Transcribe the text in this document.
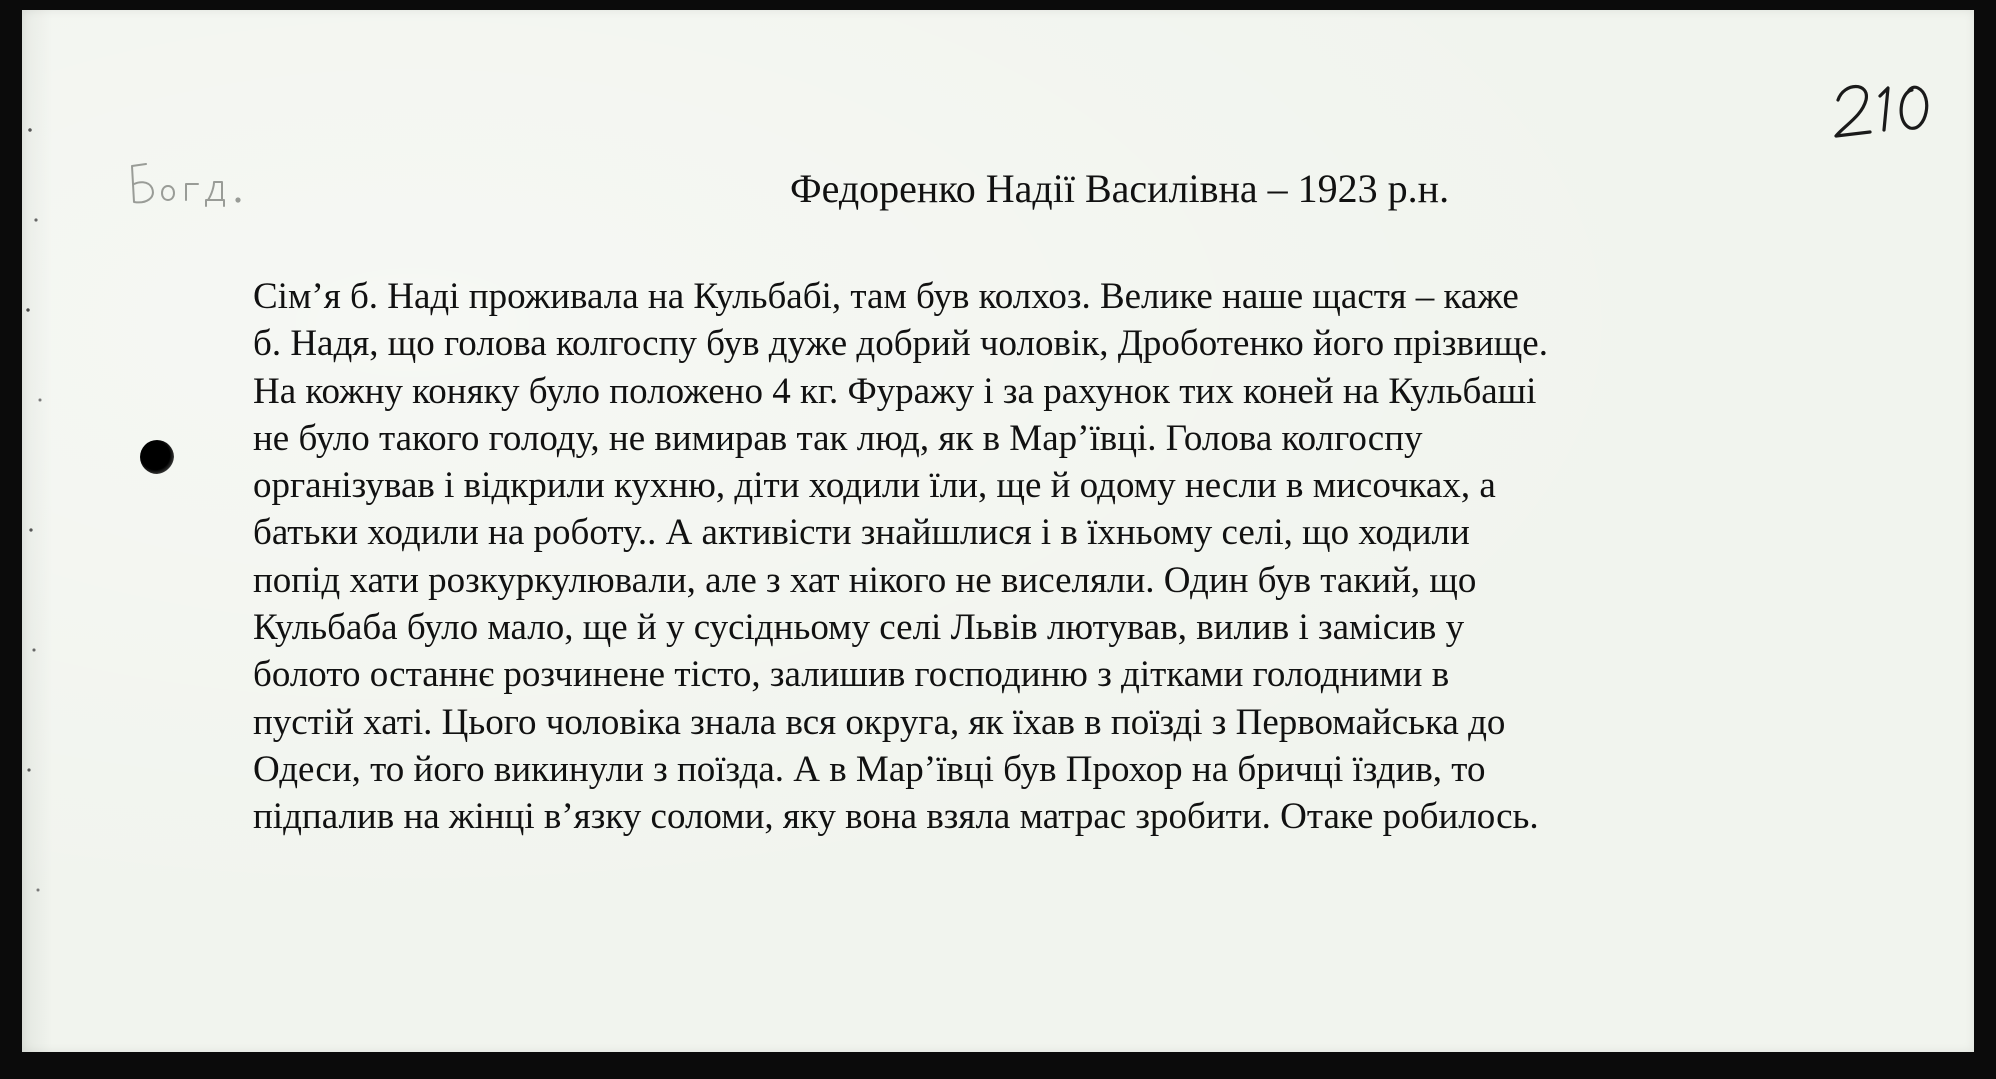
Федоренко Надії Василівна – 1923 р.н.
Сім’я б. Наді проживала на Кульбабі, там був колхоз. Велике наше щастя – каже
б. Надя, що голова колгоспу був дуже добрий чоловік, Дроботенко його прізвище.
На кожну коняку було положено 4 кг. Фуражу і за рахунок тих коней на Кульбаші
не було такого голоду, не вимирав так люд, як в Мар’ївці. Голова колгоспу
організував і відкрили кухню, діти ходили їли, ще й одому несли в мисочках, а
батьки ходили на роботу.. А активісти знайшлися і в їхньому селі, що ходили
попід хати розкуркулювали, але з хат нікого не виселяли. Один був такий, що
Кульбаба було мало, ще й у сусідньому селі Львів лютував, вилив і замісив у
болото останнє розчинене тісто, залишив господиню з дітками голодними в
пустій хаті. Цього чоловіка знала вся округа, як їхав в поїзді з Первомайська до
Одеси, то його викинули з поїзда. А в Мар’ївці був Прохор на бричці їздив, то
підпалив на жінці в’язку соломи, яку вона взяла матрас зробити. Отаке робилось.
